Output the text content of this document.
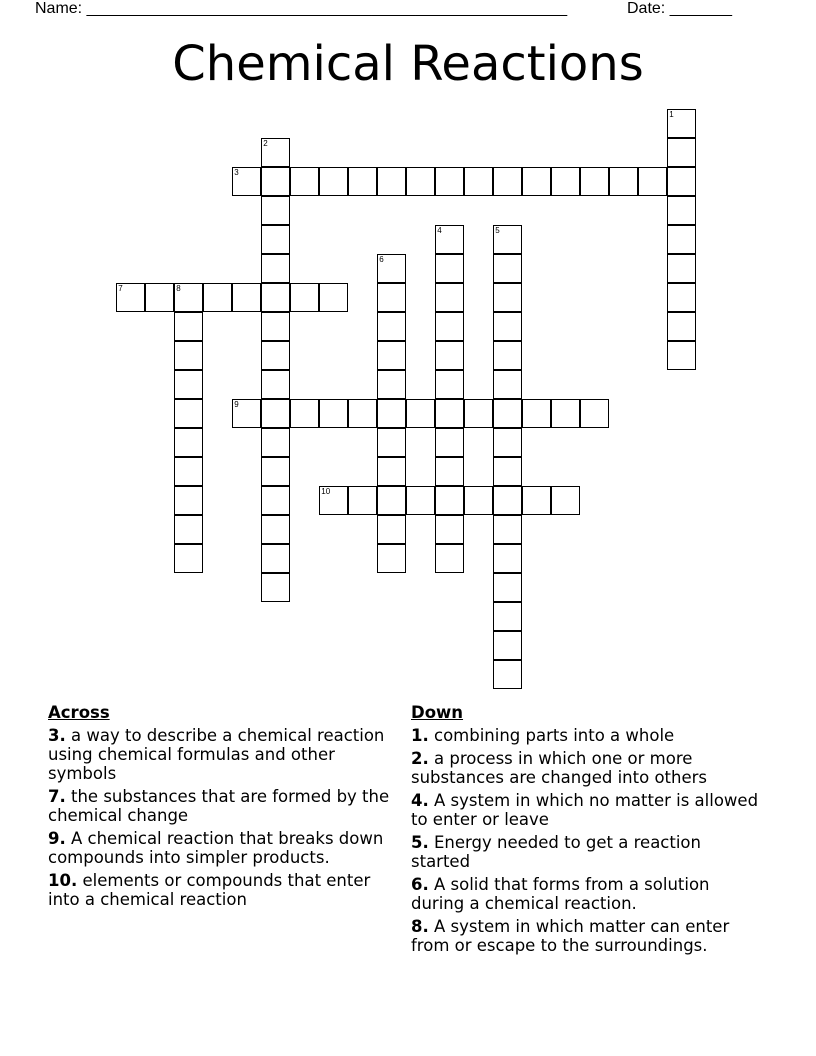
Name: ______________________________________________________	Date: _______
Chemical Reactions
1
2
3
4	5
6
7	8
9
10
Across
3. a way to describe a chemical reaction using chemical formulas and other symbols
7. the substances that are formed by the chemical change
9. A chemical reaction that breaks down compounds into simpler products.
10. elements or compounds that enter into a chemical reaction
Down
1. combining parts into a whole
2. a process in which one or more substances are changed into others
4. A system in which no matter is allowed to enter or leave
5. Energy needed to get a reaction started
6. A solid that forms from a solution during a chemical reaction.
8. A system in which matter can enter from or escape to the surroundings.
